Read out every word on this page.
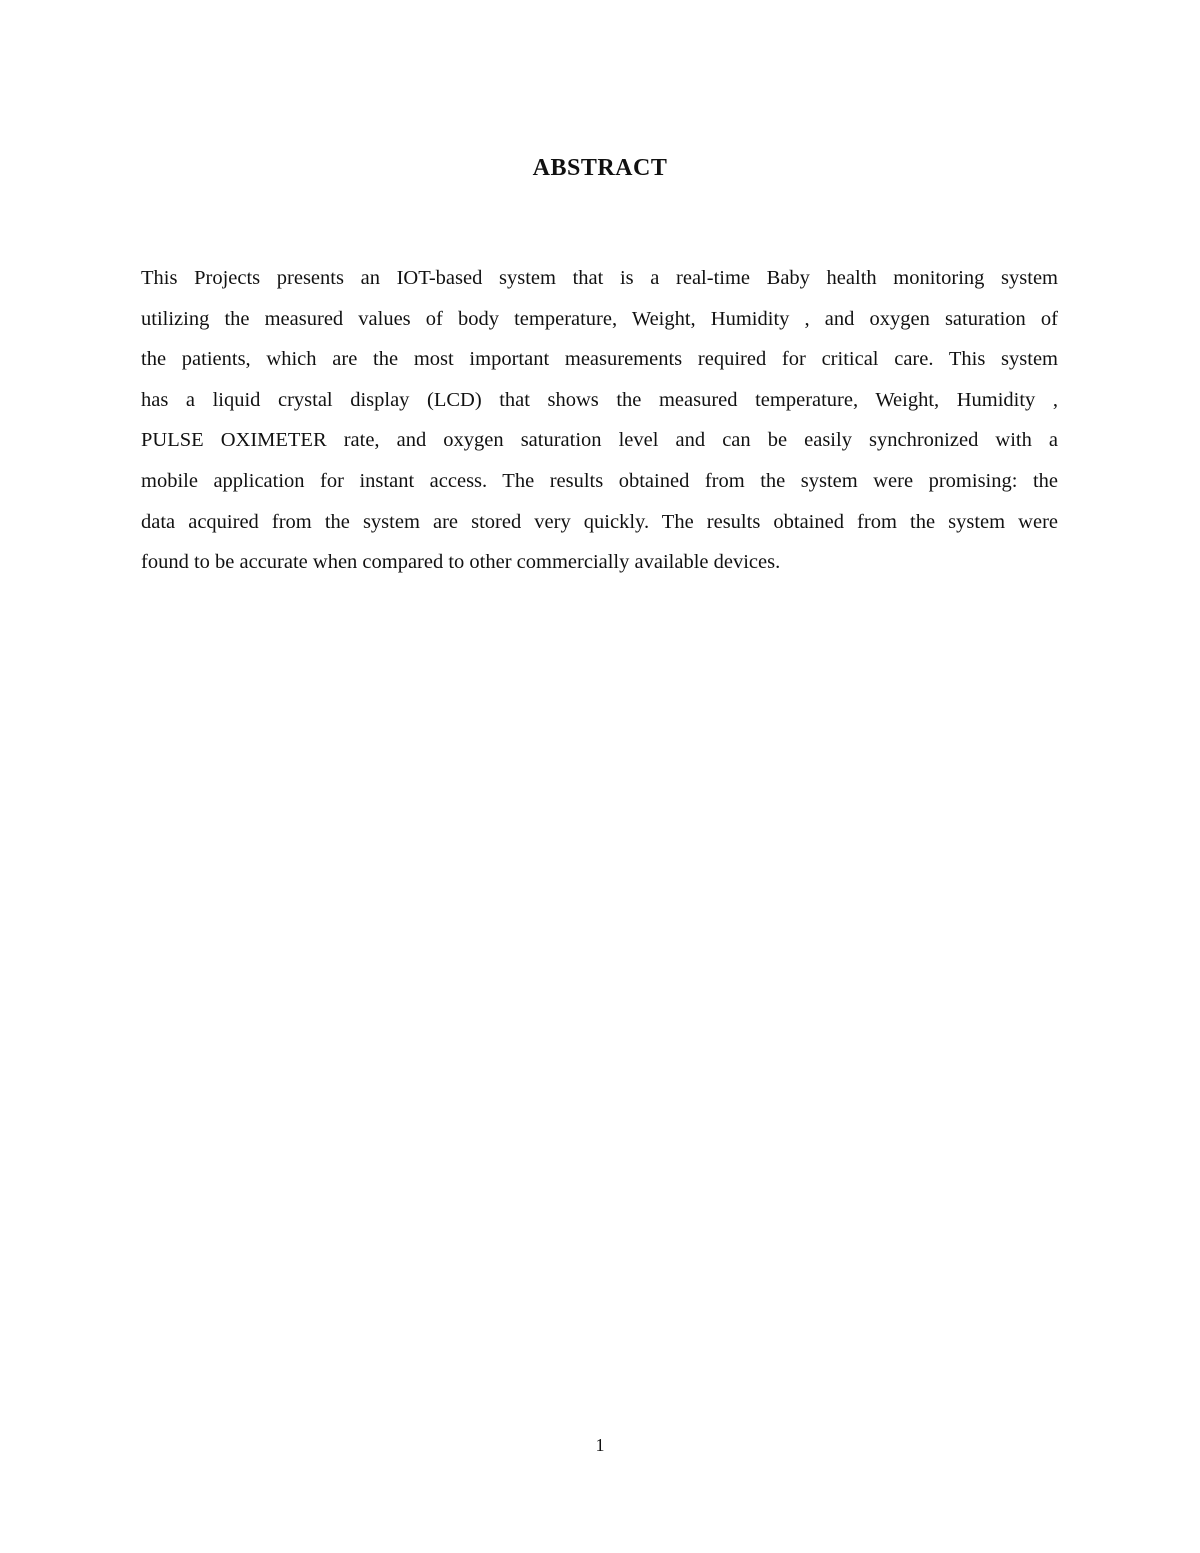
ABSTRACT
This Projects presents an IOT-based system that is a real-time Baby health monitoring system
utilizing the measured values of body temperature, Weight, Humidity , and oxygen saturation of
the patients, which are the most important measurements required for critical care. This system
has a liquid crystal display (LCD) that shows the measured temperature, Weight, Humidity ,
PULSE OXIMETER rate, and oxygen saturation level and can be easily synchronized with a
mobile application for instant access. The results obtained from the system were promising: the
data acquired from the system are stored very quickly. The results obtained from the system were
found to be accurate when compared to other commercially available devices.
1
